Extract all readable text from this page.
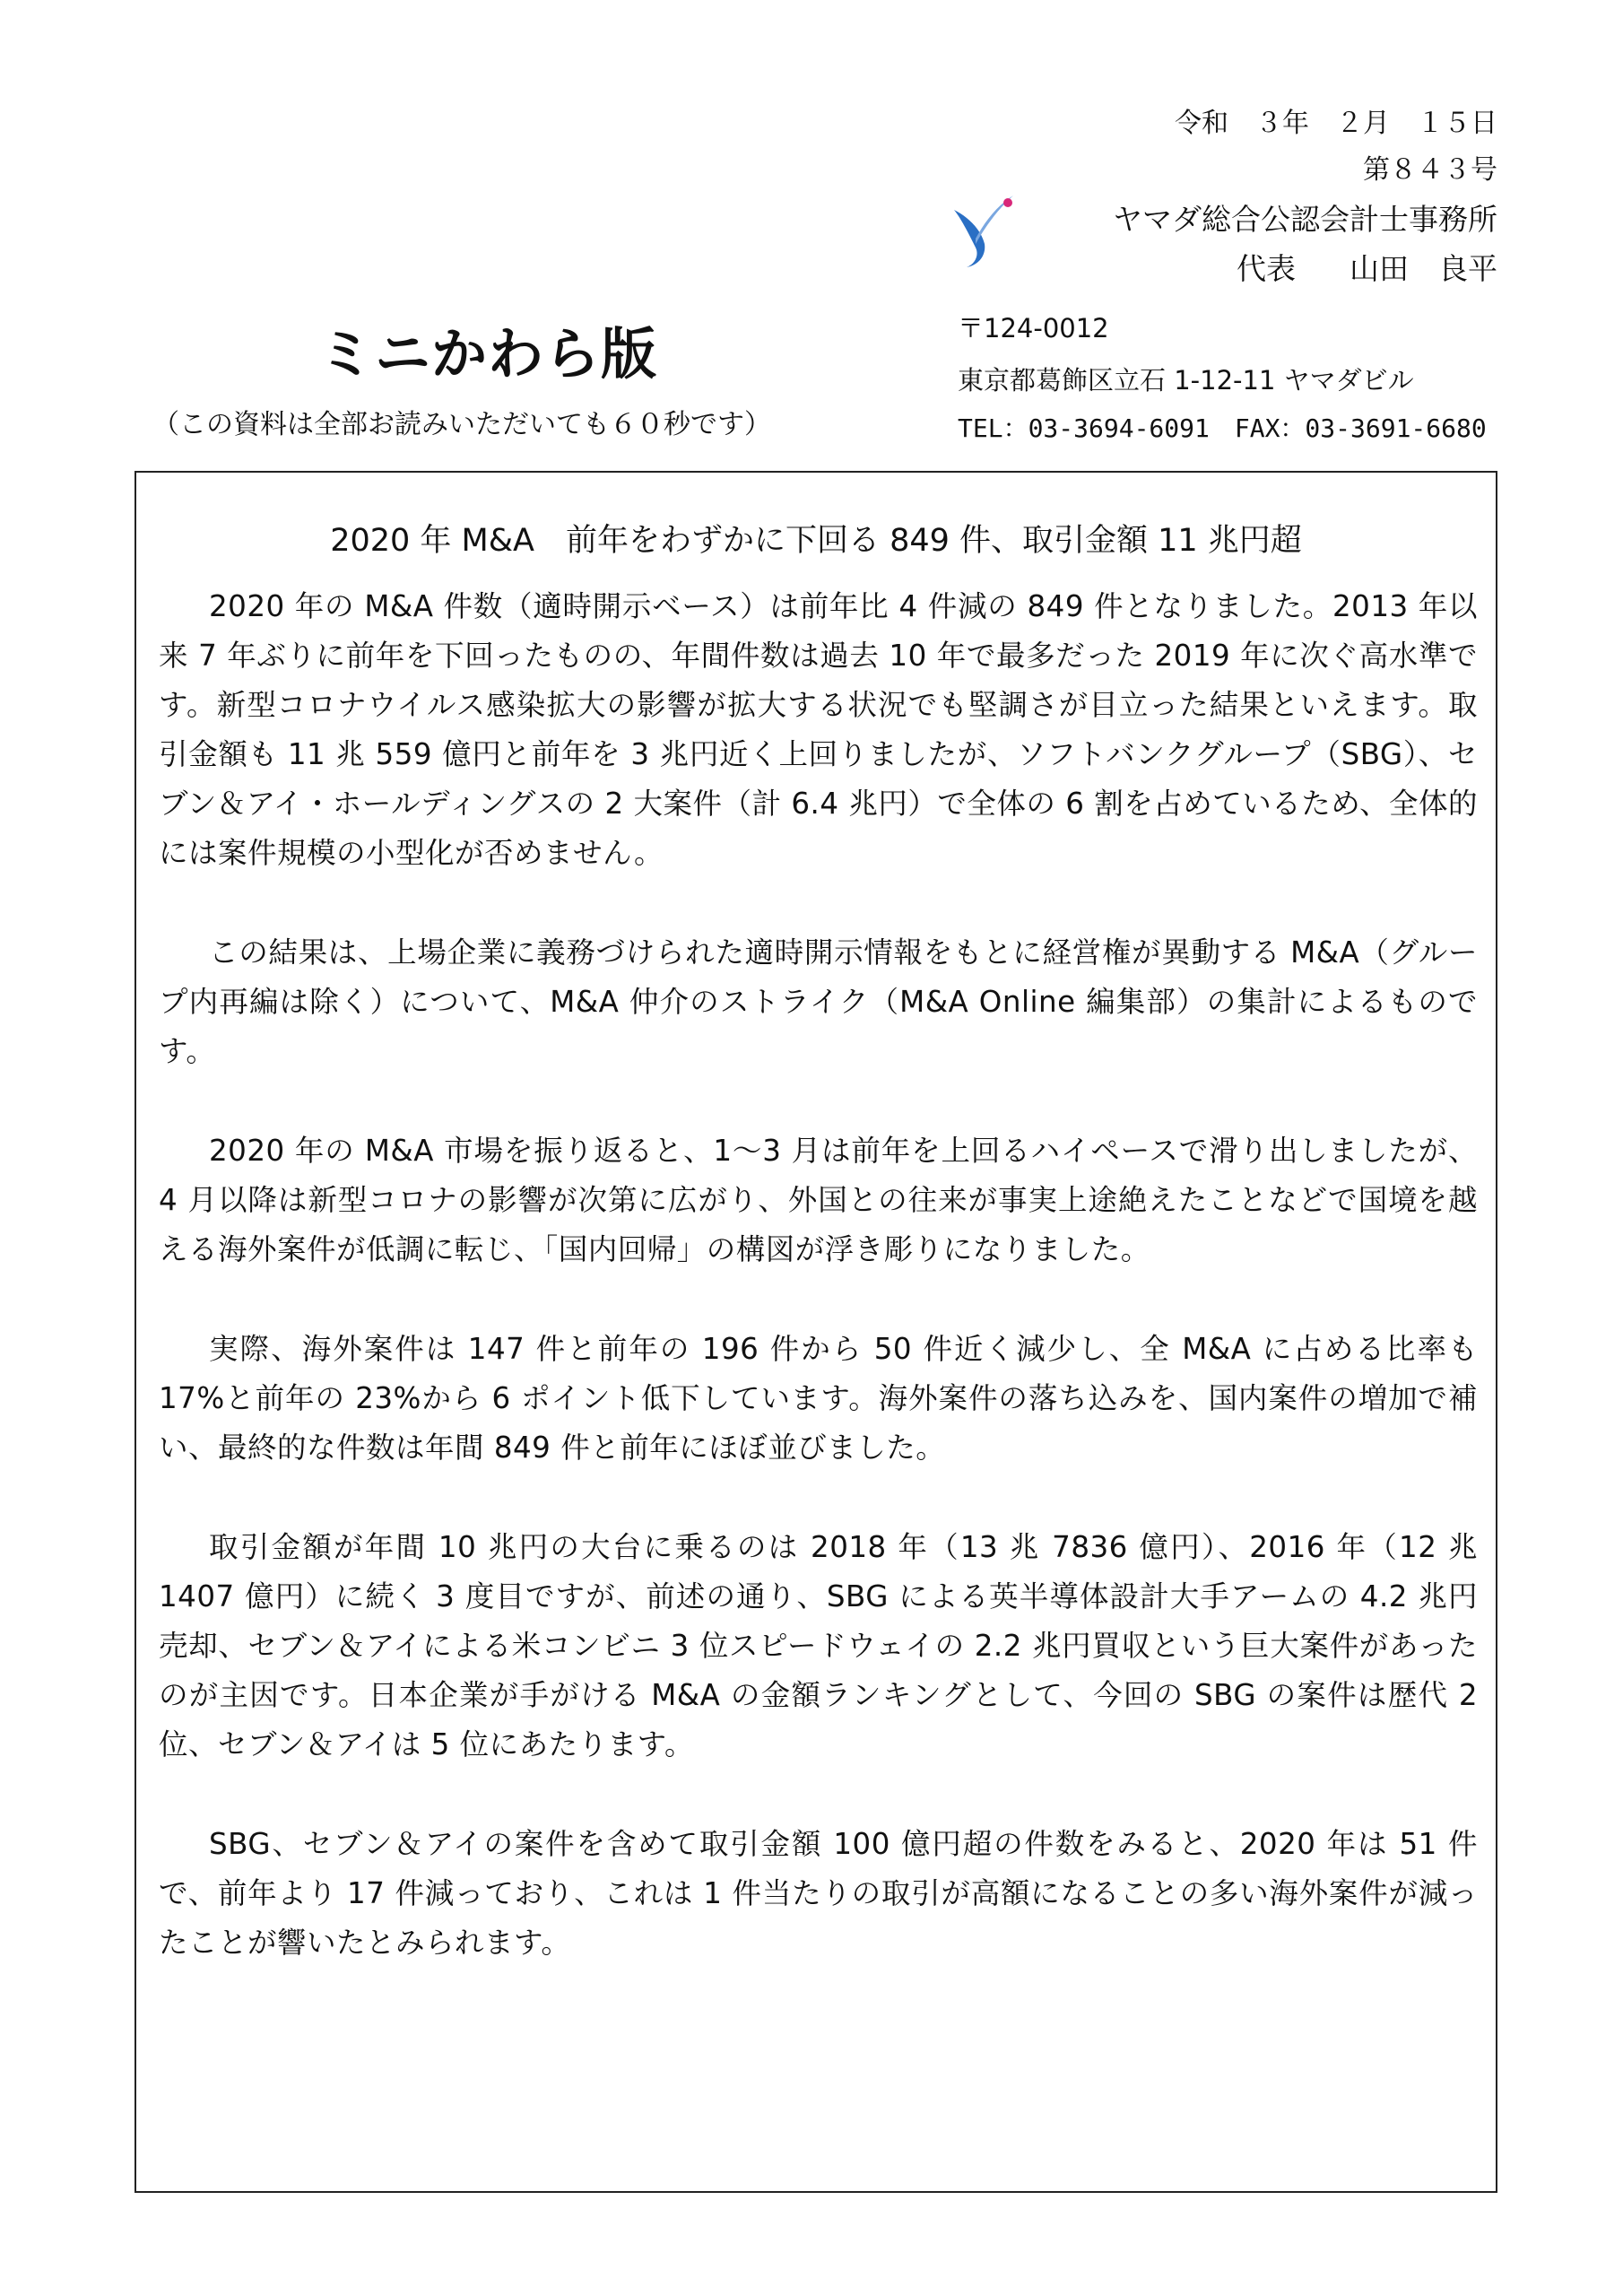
令和　３年　２月　１５日
第８４３号
ヤマダ総合公認会計士事務所
代表 山田　良平
ミニかわら版
（この資料は全部お読みいただいても６０秒です）
〒124-0012
東京都葛飾区立石 1-12-11 ヤマダビル
TEL：03-3694-6091　FAX：03-3691-6680
2020 年 M&A　前年をわずかに下回る 849 件、取引金額 11 兆円超

2020 年の M&A 件数（適時開示ベース）は前年比 4 件減の 849 件となりました。2013 年以来 7 年ぶりに前年を下回ったものの、年間件数は過去 10 年で最多だった 2019 年に次ぐ高水準です。新型コロナウイルス感染拡大の影響が拡大する状況でも堅調さが目立った結果といえます。取引金額も 11 兆 559 億円と前年を 3 兆円近く上回りましたが、ソフトバンクグループ（SBG）、セブン＆アイ・ホールディングスの 2 大案件（計 6.4 兆円）で全体の 6 割を占めているため、全体的には案件規模の小型化が否めません。

この結果は、上場企業に義務づけられた適時開示情報をもとに経営権が異動する M&A（グループ内再編は除く）について、M&A 仲介のストライク（M&A Online 編集部）の集計によるものです。

2020 年の M&A 市場を振り返ると、1～3 月は前年を上回るハイペースで滑り出しましたが、4 月以降は新型コロナの影響が次第に広がり、外国との往来が事実上途絶えたことなどで国境を越える海外案件が低調に転じ、「国内回帰」の構図が浮き彫りになりました。

実際、海外案件は 147 件と前年の 196 件から 50 件近く減少し、全 M&A に占める比率も 17%と前年の 23%から 6 ポイント低下しています。海外案件の落ち込みを、国内案件の増加で補い、最終的な件数は年間 849 件と前年にほぼ並びました。

取引金額が年間 10 兆円の大台に乗るのは 2018 年（13 兆 7836 億円）、2016 年（12 兆 1407 億円）に続く 3 度目ですが、前述の通り、SBG による英半導体設計大手アームの 4.2 兆円売却、セブン＆アイによる米コンビニ 3 位スピードウェイの 2.2 兆円買収という巨大案件があったのが主因です。日本企業が手がける M&A の金額ランキングとして、今回の SBG の案件は歴代 2 位、セブン＆アイは 5 位にあたります。

SBG、セブン＆アイの案件を含めて取引金額 100 億円超の件数をみると、2020 年は 51 件で、前年より 17 件減っており、これは 1 件当たりの取引が高額になることの多い海外案件が減ったことが響いたとみられます。
